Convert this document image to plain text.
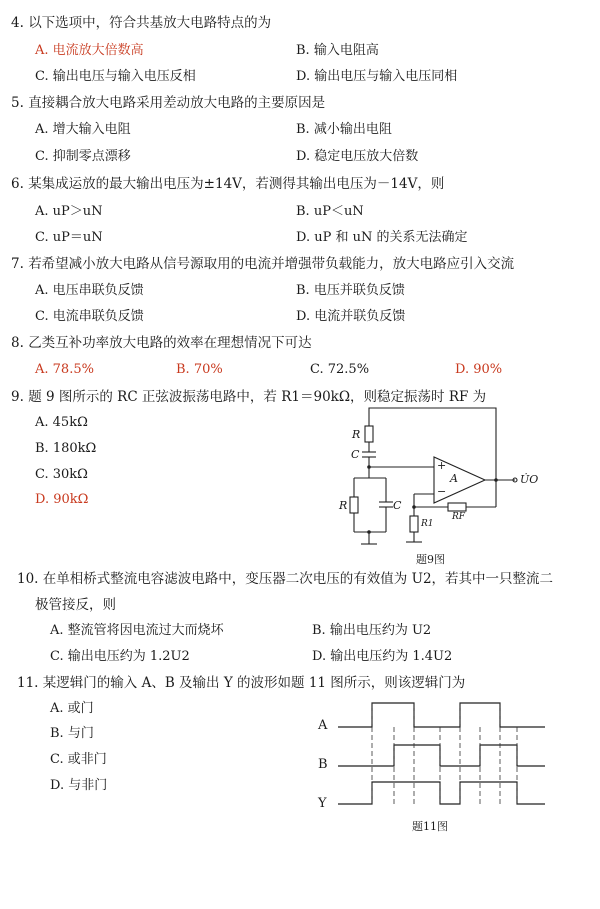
4. 以下选项中，符合共基放大电路特点的为
A. 电流放大倍数高	B. 输入电阻高
C. 输出电压与输入电压反相	D. 输出电压与输入电压同相
5. 直接耦合放大电路采用差动放大电路的主要原因是
A. 增大输入电阻	B. 减小输出电阻
C. 抑制零点漂移	D. 稳定电压放大倍数
6. 某集成运放的最大输出电压为±14V，若测得其输出电压为－14V，则
A. uP＞uN	B. uP＜uN
C. uP＝uN	D. uP 和 uN 的关系无法确定
7. 若希望减小放大电路从信号源取用的电流并增强带负载能力，放大电路应引入交流
A. 电压串联负反馈	B. 电压并联负反馈
C. 电流串联负反馈	D. 电流并联负反馈
8. 乙类互补功率放大电路的效率在理想情况下可达
A. 78.5%	B. 70%	C. 72.5%	D. 90%
9. 题 9 图所示的 RC 正弦波振荡电路中，若 R1＝90kΩ，则稳定振荡时 RF 为
A. 45kΩ
B. 180kΩ
C. 30kΩ
D. 90kΩ
R
C
R	C
R1
RF
+
−
A	U̇O
题9图
10. 在单相桥式整流电容滤波电路中，变压器二次电压的有效值为 U2，若其中一只整流二
极管接反，则
A. 整流管将因电流过大而烧坏	B. 输出电压约为 U2
C. 输出电压约为 1.2U2	D. 输出电压约为 1.4U2
11. 某逻辑门的输入 A、B 及输出 Y 的波形如题 11 图所示，则该逻辑门为
A. 或门
B. 与门
C. 或非门
D. 与非门
A
B
Y
题11图
